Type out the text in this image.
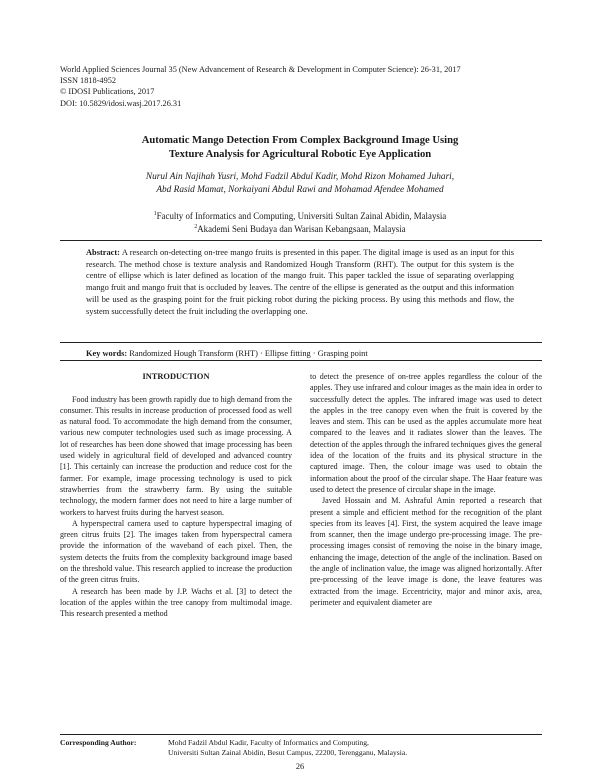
World Applied Sciences Journal 35 (New Advancement of Research & Development in Computer Science): 26-31, 2017
ISSN 1818-4952
© IDOSI Publications, 2017
DOI: 10.5829/idosi.wasj.2017.26.31
Automatic Mango Detection From Complex Background Image Using
Texture Analysis for Agricultural Robotic Eye Application
Nurul Ain Najihah Yusri, Mohd Fadzil Abdul Kadir, Mohd Rizon Mohamed Juhari,
Abd Rasid Mamat, Norkaiyani Abdul Rawi and Mohamad Afendee Mohamed
$^1$Faculty of Informatics and Computing, Universiti Sultan Zainal Abidin, Malaysia
$^2$Akademi Seni Budaya dan Warisan Kebangsaan, Malaysia
Abstract: A research on-detecting on-tree mango fruits is presented in this paper. The digital image is used as an input for this research. The method chose is texture analysis and Randomized Hough Transform (RHT). The output for this system is the centre of ellipse which is later defined as location of the mango fruit. This paper tackled the issue of separating overlapping mango fruit and mango fruit that is occluded by leaves. The centre of the ellipse is generated as the output and this information will be used as the grasping point for the fruit picking robot during the picking process. By using this methods and flow, the system successfully detect the fruit including the overlapping one.
Key words: Randomized Hough Transform (RHT) · Ellipse fitting · Grasping point
INTRODUCTION

Food industry has been growth rapidly due to high demand from the consumer. This results in increase production of processed food as well as natural food. To accommodate the high demand from the consumer, various new computer technologies used such as image processing. A lot of researches has been done showed that image processing has been used widely in agricultural field of developed and advanced country [1]. This certainly can increase the production and reduce cost for the farmer. For example, image processing technology is used to pick strawberries from the strawberry farm. By using the suitable technology, the modern farmer does not need to hire a large number of workers to harvest fruits during the harvest season.

A hyperspectral camera used to capture hyperspectral imaging of green citrus fruits [2]. The images taken from hyperspectral camera provide the information of the waveband of each pixel. Then, the system detects the fruits from the complexity background image based on the threshold value. This research applied to increase the production of the green citrus fruits.

A research has been made by J.P. Wachs et al. [3] to detect the location of the apples within the tree canopy from multimodal image. This research presented a method

to detect the presence of on-tree apples regardless the colour of the apples. They use infrared and colour images as the main idea in order to successfully detect the apples. The infrared image was used to detect the apples in the tree canopy even when the fruit is covered by the leaves and stem. This can be used as the apples accumulate more heat compared to the leaves and it radiates slower than the leaves. The detection of the apples through the infrared techniques gives the general idea of the location of the fruits and its physical structure in the captured image. Then, the colour image was used to obtain the information about the proof of the circular shape. The Haar feature was used to detect the presence of circular shape in the image.

Javed Hossain and M. Ashraful Amin reported a research that present a simple and efficient method for the recognition of the plant species from its leaves [4]. First, the system acquired the leave image from scanner, then the image undergo pre-processing image. The pre-processing images consist of removing the noise in the binary image, enhancing the image, detection of the angle of the inclination. Based on the angle of inclination value, the image was aligned horizontally. After pre-processing of the leave image is done, the leave features was extracted from the image. Eccentricity, major and minor axis, area, perimeter and equivalent diameter are

Corresponding Author:	Mohd Fadzil Abdul Kadir, Faculty of Informatics and Computing,
Universiti Sultan Zainal Abidin, Besut Campus, 22200, Terengganu, Malaysia.
26
